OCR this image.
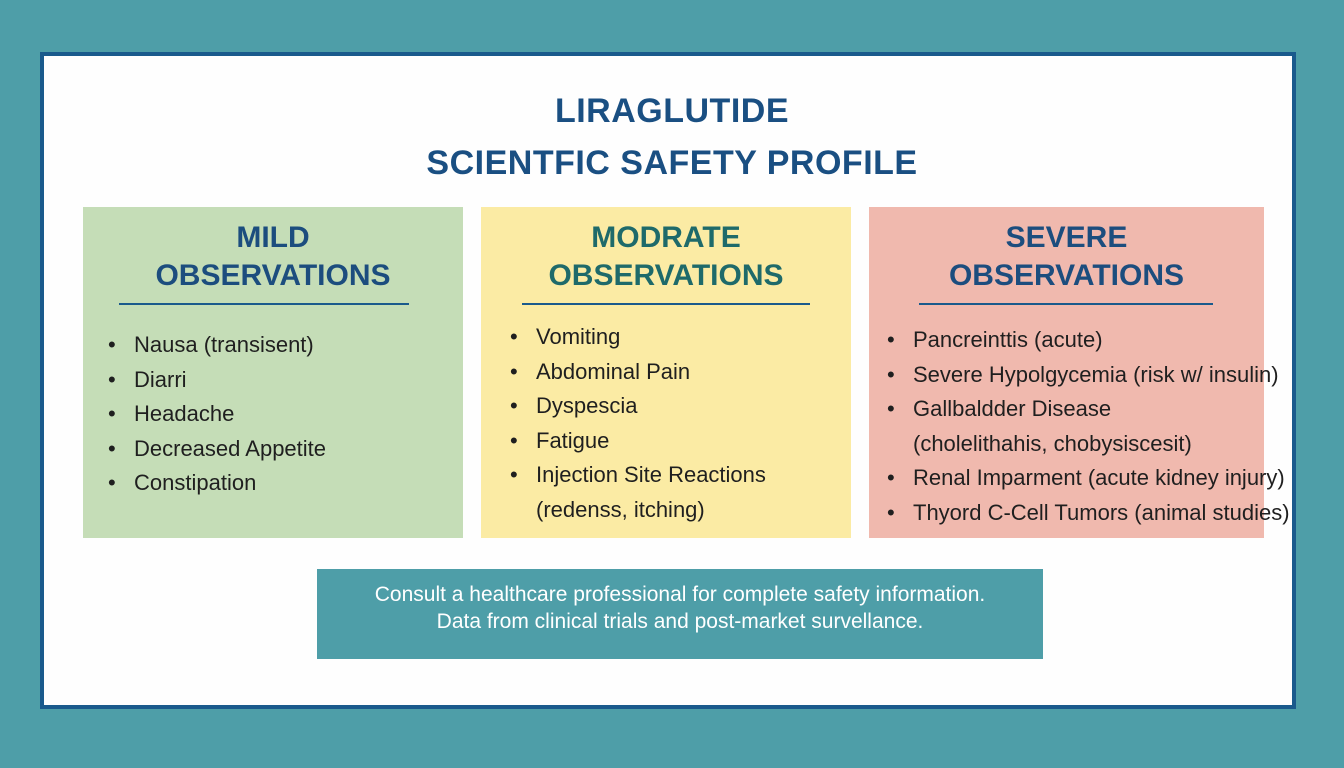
LIRAGLUTIDE
SCIENTFIC SAFETY PROFILE
MILD
OBSERVATIONS
• Nausa (transisent)
• Diarri
• Headache
• Decreased Appetite
• Constipation
MODRATE
OBSERVATIONS
• Vomiting
• Abdominal Pain
• Dyspescia
• Fatigue
• Injection Site Reactions
(redenss, itching)
SEVERE
OBSERVATIONS
• Pancreinttis (acute)
• Severe Hypolgycemia (risk w/ insulin)
• Gallbaldder Disease
(cholelithahis, chobysiscesit)
• Renal Imparment (acute kidney injury)
• Thyord C-Cell Tumors (animal studies)
Consult a healthcare professional for complete safety information.
Data from clinical trials and post-market survellance.
